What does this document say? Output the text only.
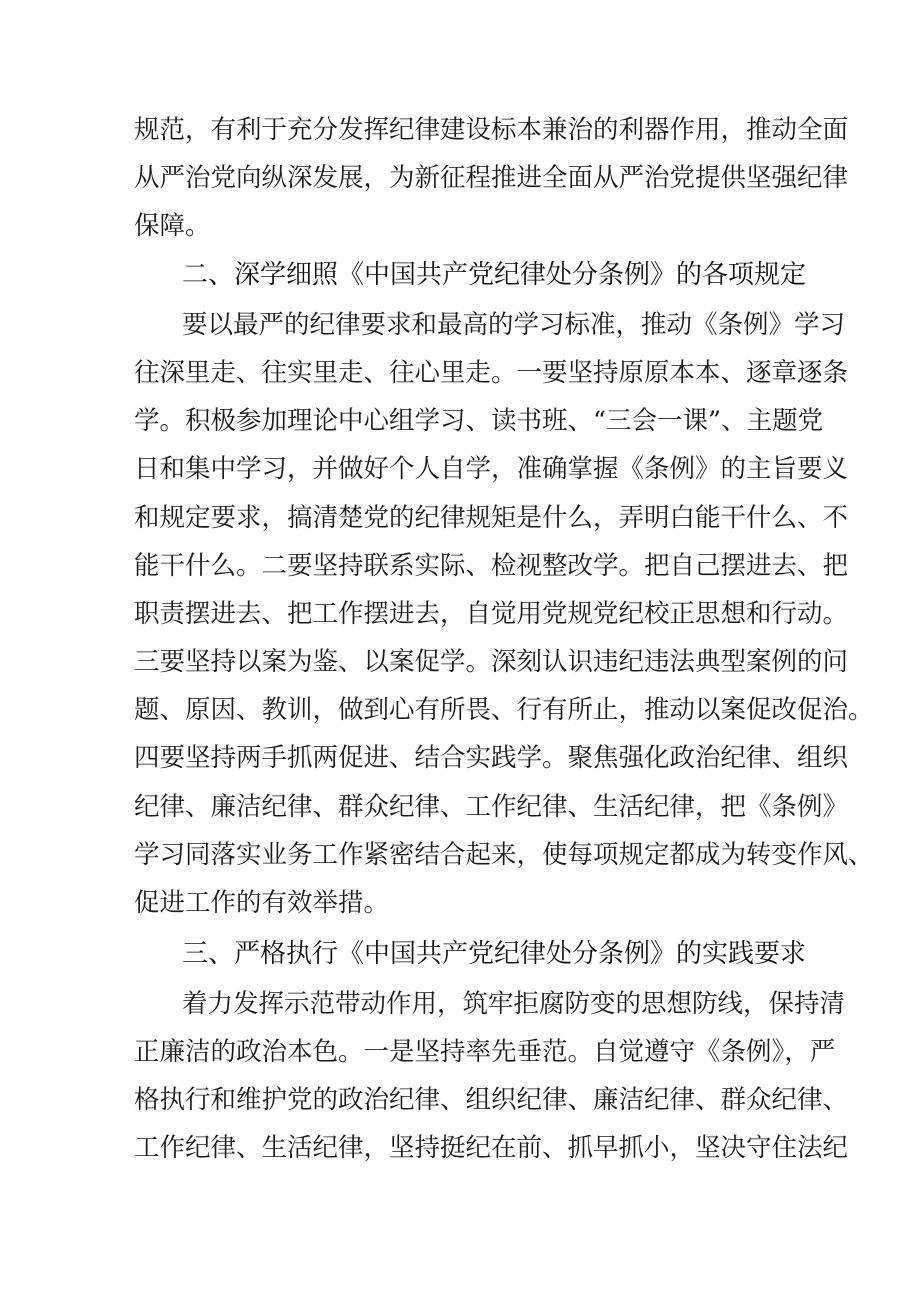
规范，有利于充分发挥纪律建设标本兼治的利器作用，推动全面
从严治党向纵深发展，为新征程推进全面从严治党提供坚强纪律
保障。
二、深学细照《中国共产党纪律处分条例》的各项规定
要以最严的纪律要求和最高的学习标准，推动《条例》学习
往深里走、往实里走、往心里走。一要坚持原原本本、逐章逐条
学。积极参加理论中心组学习、读书班、“三会一课”、主题党
日和集中学习，并做好个人自学，准确掌握《条例》的主旨要义
和规定要求，搞清楚党的纪律规矩是什么，弄明白能干什么、不
能干什么。二要坚持联系实际、检视整改学。把自己摆进去、把
职责摆进去、把工作摆进去，自觉用党规党纪校正思想和行动。
三要坚持以案为鉴、以案促学。深刻认识违纪违法典型案例的问
题、原因、教训，做到心有所畏、行有所止，推动以案促改促治。
四要坚持两手抓两促进、结合实践学。聚焦强化政治纪律、组织
纪律、廉洁纪律、群众纪律、工作纪律、生活纪律，把《条例》
学习同落实业务工作紧密结合起来，使每项规定都成为转变作风、
促进工作的有效举措。
三、严格执行《中国共产党纪律处分条例》的实践要求
着力发挥示范带动作用，筑牢拒腐防变的思想防线，保持清
正廉洁的政治本色。一是坚持率先垂范。自觉遵守《条例》，严
格执行和维护党的政治纪律、组织纪律、廉洁纪律、群众纪律、
工作纪律、生活纪律，坚持挺纪在前、抓早抓小，坚决守住法纪
